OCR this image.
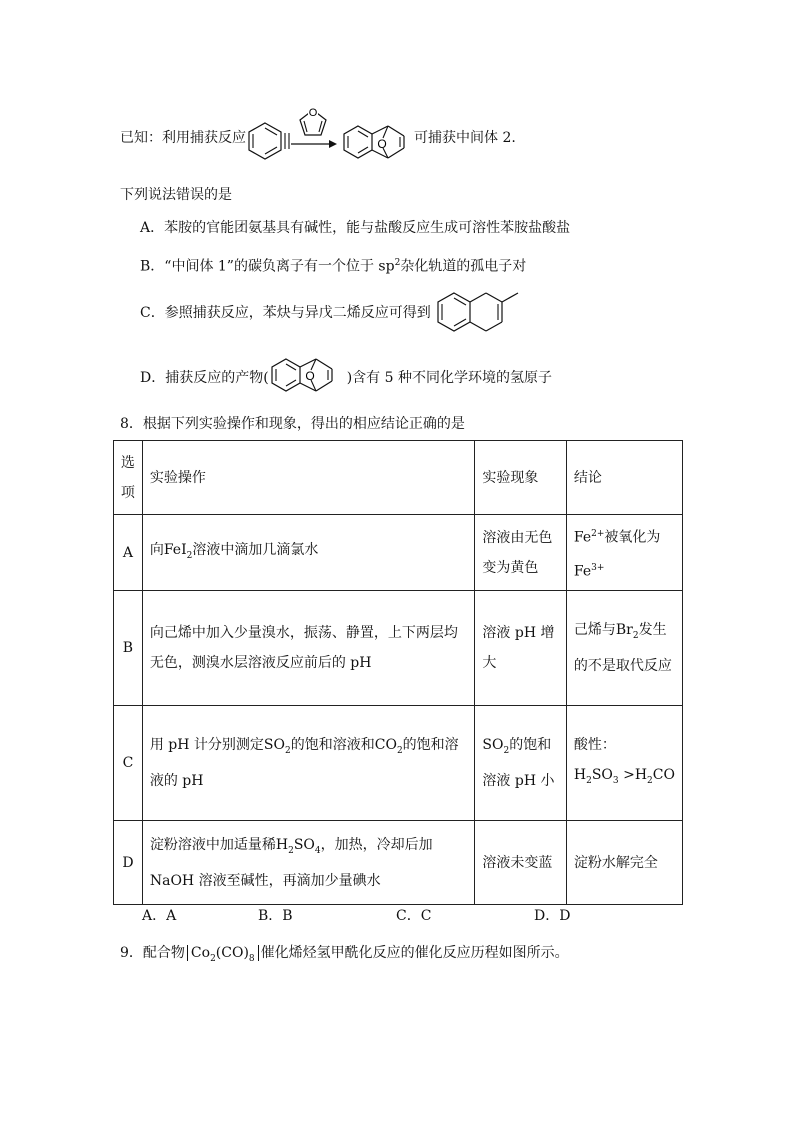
已知：利用捕获反应
O
O 可捕获中间体 2.
下列说法错误的是
A．苯胺的官能团氨基具有碱性，能与盐酸反应生成可溶性苯胺盐酸盐
B．“中间体 1”的碳负离子有一个位于 $sp^2$杂化轨道的孤电子对
C．参照捕获反应，苯炔与异戊二烯反应可得到
D．捕获反应的产物(	)含有 5 种不同化学环境的氢原子
O
8．根据下列实验操作和现象，得出的相应结论正确的是
选项	实验操作	实验现象	结论
A	向FeI$_2$溶液中滴加几滴氯水	溶液由无色变为黄色	$Fe^{2+}$被氧化为$Fe^{3+}$
B	向己烯中加入少量溴水，振荡、静置，上下两层均无色，测溴水层溶液反应前后的 pH	溶液 pH 增大	己烯与$Br_2$发生的不是取代反应
C	用 pH 计分别测定$SO_2$的饱和溶液和$CO_2$的饱和溶液的 pH	$SO_2$的饱和溶液 pH 小	酸性：
$H_2SO_3 >H_2CO$

D	淀粉溶液中加适量稀$H_2SO_4$，加热，冷却后加 NaOH 溶液至碱性，再滴加少量碘水	溶液未变蓝	淀粉水解完全
A．A	B．B	C．C	D．D
9．配合物 $Co_2(CO)_8$ 催化烯烃氢甲酰化反应的催化反应历程如图所示。
